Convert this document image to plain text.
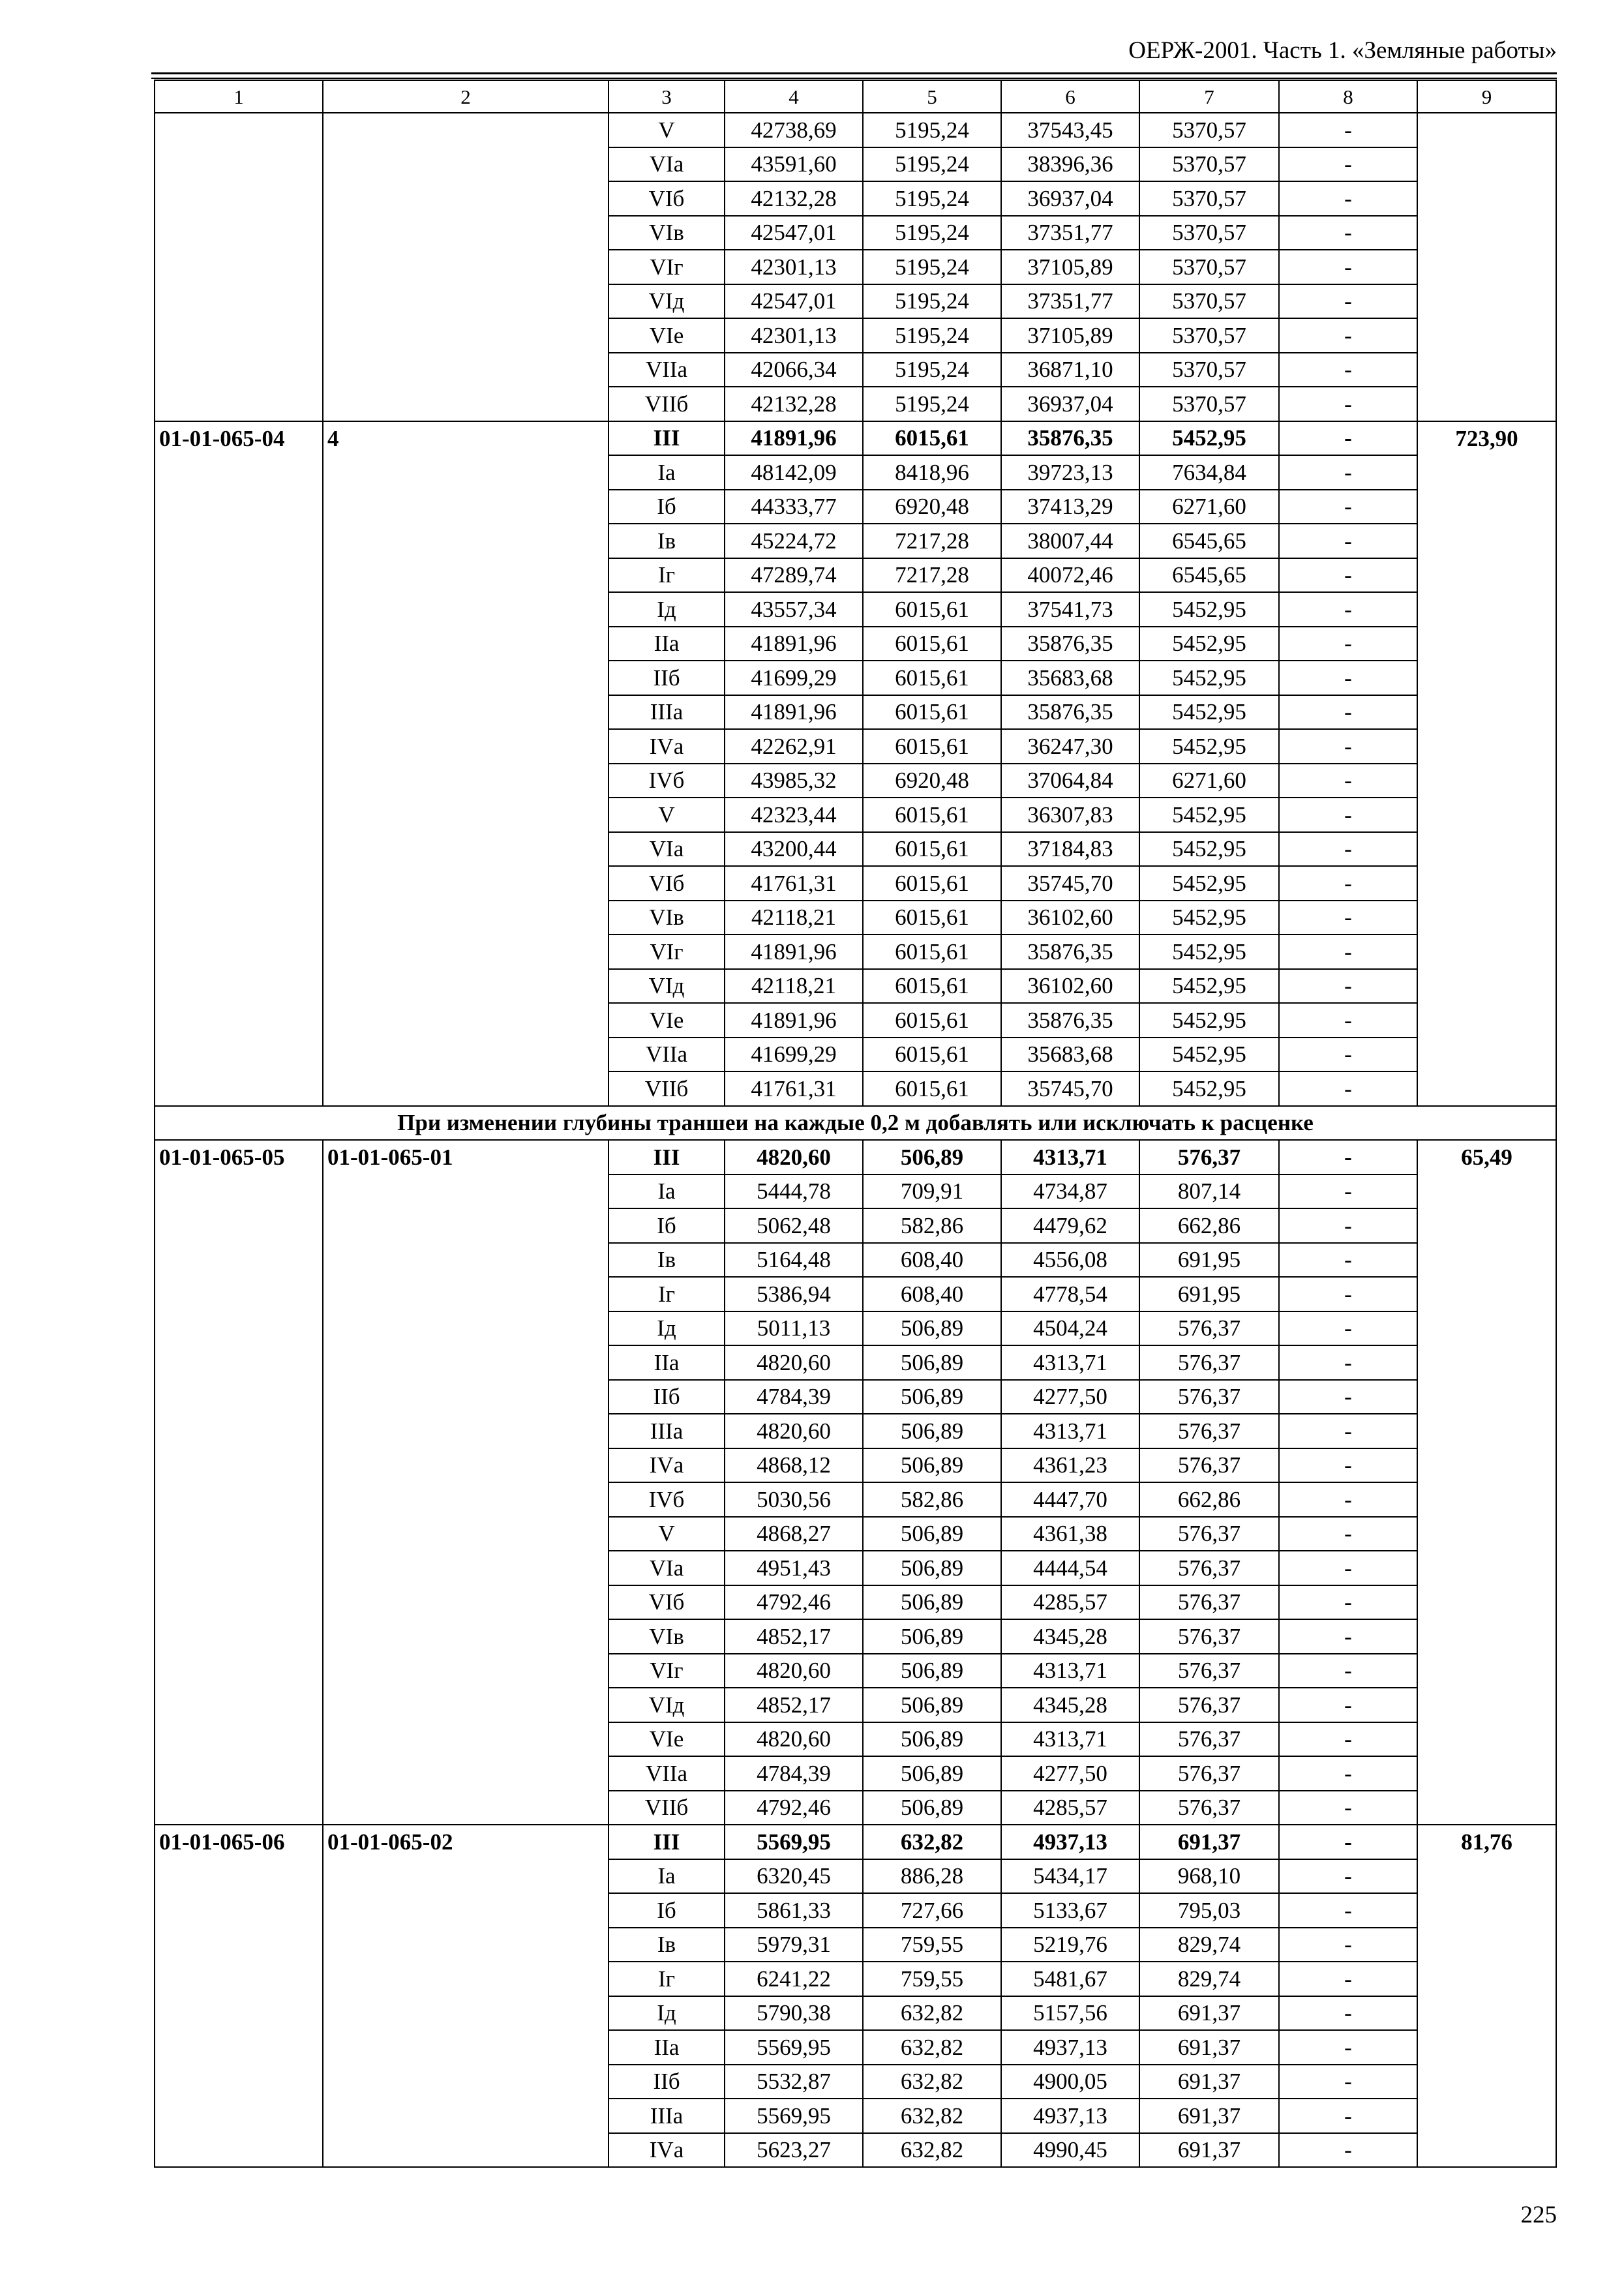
ОЕРЖ-2001. Часть 1. «Земляные работы»
1	2	3	4	5	6	7	8	9
		V	42738,69	5195,24	37543,45	5370,57	-	
		VIа	43591,60	5195,24	38396,36	5370,57	-	
		VIб	42132,28	5195,24	36937,04	5370,57	-	
		VIв	42547,01	5195,24	37351,77	5370,57	-	
		VIг	42301,13	5195,24	37105,89	5370,57	-	
		VIд	42547,01	5195,24	37351,77	5370,57	-	
		VIе	42301,13	5195,24	37105,89	5370,57	-	
		VIIа	42066,34	5195,24	36871,10	5370,57	-	
		VIIб	42132,28	5195,24	36937,04	5370,57	-	
01-01-065-04	4	III	41891,96	6015,61	35876,35	5452,95	-	723,90
		Iа	48142,09	8418,96	39723,13	7634,84	-	
		Iб	44333,77	6920,48	37413,29	6271,60	-	
		Iв	45224,72	7217,28	38007,44	6545,65	-	
		Iг	47289,74	7217,28	40072,46	6545,65	-	
		Iд	43557,34	6015,61	37541,73	5452,95	-	
		IIа	41891,96	6015,61	35876,35	5452,95	-	
		IIб	41699,29	6015,61	35683,68	5452,95	-	
		IIIа	41891,96	6015,61	35876,35	5452,95	-	
		IVа	42262,91	6015,61	36247,30	5452,95	-	
		IVб	43985,32	6920,48	37064,84	6271,60	-	
		V	42323,44	6015,61	36307,83	5452,95	-	
		VIа	43200,44	6015,61	37184,83	5452,95	-	
		VIб	41761,31	6015,61	35745,70	5452,95	-	
		VIв	42118,21	6015,61	36102,60	5452,95	-	
		VIг	41891,96	6015,61	35876,35	5452,95	-	
		VIд	42118,21	6015,61	36102,60	5452,95	-	
		VIе	41891,96	6015,61	35876,35	5452,95	-	
		VIIа	41699,29	6015,61	35683,68	5452,95	-	
		VIIб	41761,31	6015,61	35745,70	5452,95	-	
При изменении глубины траншеи на каждые 0,2 м добавлять или исключать к расценке								
01-01-065-05	01-01-065-01	III	4820,60	506,89	4313,71	576,37	-	65,49
		Iа	5444,78	709,91	4734,87	807,14	-	
		Iб	5062,48	582,86	4479,62	662,86	-	
		Iв	5164,48	608,40	4556,08	691,95	-	
		Iг	5386,94	608,40	4778,54	691,95	-	
		Iд	5011,13	506,89	4504,24	576,37	-	
		IIа	4820,60	506,89	4313,71	576,37	-	
		IIб	4784,39	506,89	4277,50	576,37	-	
		IIIа	4820,60	506,89	4313,71	576,37	-	
		IVа	4868,12	506,89	4361,23	576,37	-	
		IVб	5030,56	582,86	4447,70	662,86	-	
		V	4868,27	506,89	4361,38	576,37	-	
		VIа	4951,43	506,89	4444,54	576,37	-	
		VIб	4792,46	506,89	4285,57	576,37	-	
		VIв	4852,17	506,89	4345,28	576,37	-	
		VIг	4820,60	506,89	4313,71	576,37	-	
		VIд	4852,17	506,89	4345,28	576,37	-	
		VIе	4820,60	506,89	4313,71	576,37	-	
		VIIа	4784,39	506,89	4277,50	576,37	-	
		VIIб	4792,46	506,89	4285,57	576,37	-	
01-01-065-06	01-01-065-02	III	5569,95	632,82	4937,13	691,37	-	81,76
		Iа	6320,45	886,28	5434,17	968,10	-	
		Iб	5861,33	727,66	5133,67	795,03	-	
		Iв	5979,31	759,55	5219,76	829,74	-	
		Iг	6241,22	759,55	5481,67	829,74	-	
		Iд	5790,38	632,82	5157,56	691,37	-	
		IIа	5569,95	632,82	4937,13	691,37	-	
		IIб	5532,87	632,82	4900,05	691,37	-	
		IIIа	5569,95	632,82	4937,13	691,37	-	
		IVа	5623,27	632,82	4990,45	691,37	-	
225
